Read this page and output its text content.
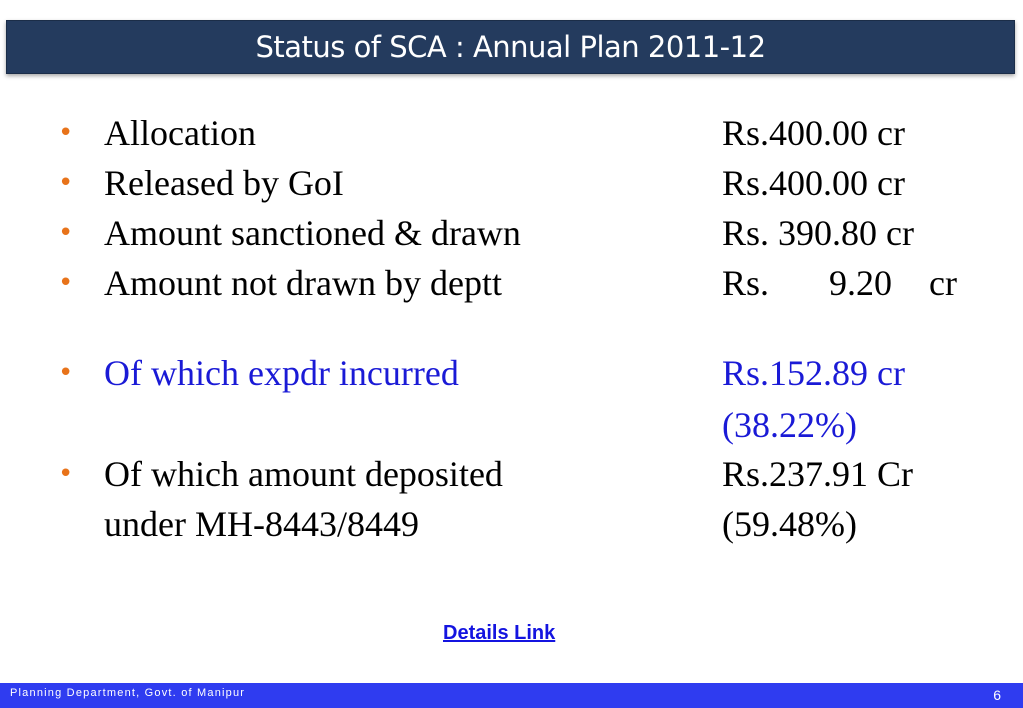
Status of SCA : Annual Plan 2011-12
• Allocation	Rs.400.00 cr
• Released by GoI	Rs.400.00 cr
• Amount sanctioned & drawn	Rs. 390.80 cr
• Amount not drawn by deptt	Rs. 9.20 cr
• Of which expdr incurred	Rs.152.89 cr
(38.22%)
• Of which amount deposited	Rs.237.91 Cr
under MH-8443/8449	(59.48%)
Details Link
Planning Department, Govt. of Manipur	6
